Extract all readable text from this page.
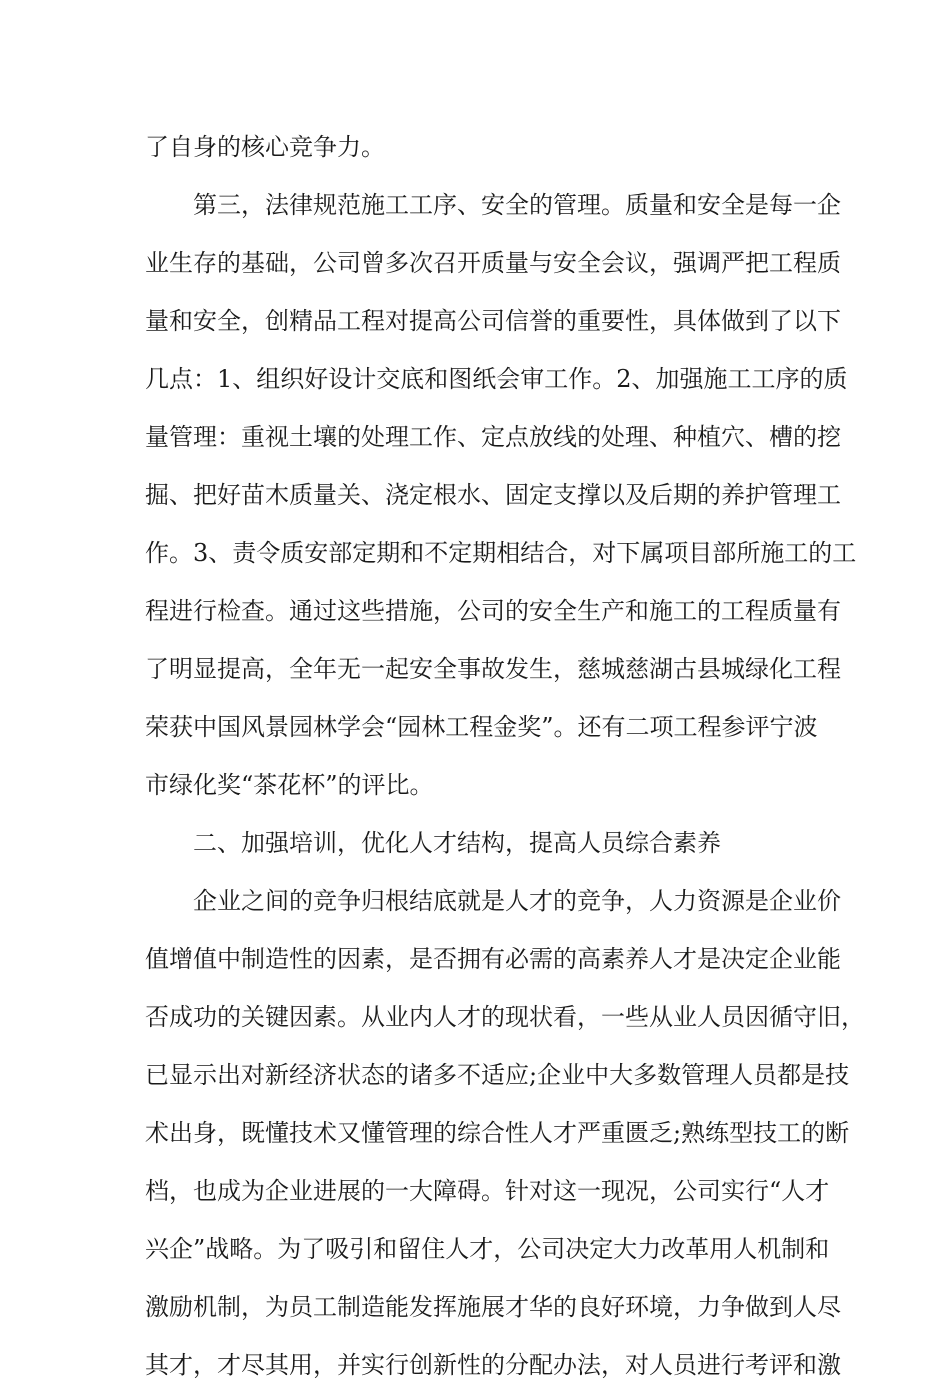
了自身的核心竞争力。
第三，法律规范施工工序、安全的管理。质量和安全是每一企
业生存的基础，公司曾多次召开质量与安全会议，强调严把工程质
量和安全，创精品工程对提高公司信誉的重要性，具体做到了以下
几点：1、组织好设计交底和图纸会审工作。2、加强施工工序的质
量管理：重视土壤的处理工作、定点放线的处理、种植穴、槽的挖
掘、把好苗木质量关、浇定根水、固定支撑以及后期的养护管理工
作。3、责令质安部定期和不定期相结合，对下属项目部所施工的工
程进行检查。通过这些措施，公司的安全生产和施工的工程质量有
了明显提高，全年无一起安全事故发生，慈城慈湖古县城绿化工程
荣获中国风景园林学会“园林工程金奖”。还有二项工程参评宁波
市绿化奖“茶花杯”的评比。
二、加强培训，优化人才结构，提高人员综合素养
企业之间的竞争归根结底就是人才的竞争，人力资源是企业价
值增值中制造性的因素，是否拥有必需的高素养人才是决定企业能
否成功的关键因素。从业内人才的现状看，一些从业人员因循守旧，
已显示出对新经济状态的诸多不适应;企业中大多数管理人员都是技
术出身，既懂技术又懂管理的综合性人才严重匮乏;熟练型技工的断
档，也成为企业进展的一大障碍。针对这一现况，公司实行“人才
兴企”战略。为了吸引和留住人才，公司决定大力改革用人机制和
激励机制，为员工制造能发挥施展才华的良好环境，力争做到人尽
其才，才尽其用，并实行创新性的分配办法，对人员进行考评和激
